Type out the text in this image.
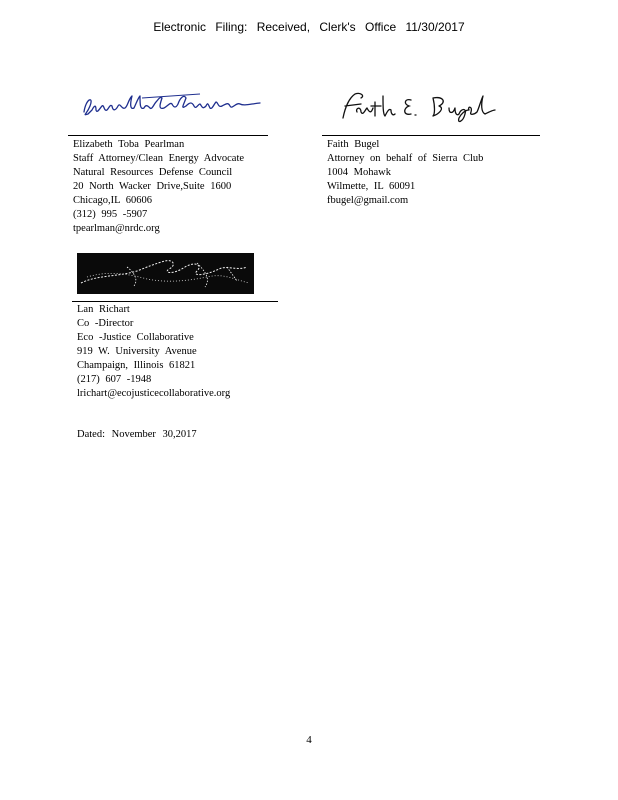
Electronic Filing: Received, Clerk's Office 11/30/2017
Elizabeth Toba Pearlman
Staff Attorney/Clean Energy Advocate
Natural Resources Defense Council
20 North Wacker Drive,Suite 1600
Chicago,IL 60606
(312) 995 -5907
tpearlman@nrdc.org
Faith Bugel
Attorney on behalf of Sierra Club
1004 Mohawk
Wilmette, IL 60091
fbugel@gmail.com
Lan Richart
Co -Director
Eco -Justice Collaborative
919 W. University Avenue
Champaign, Illinois 61821
(217) 607 -1948
lrichart@ecojusticecollaborative.org
Dated: November 30,2017
4
